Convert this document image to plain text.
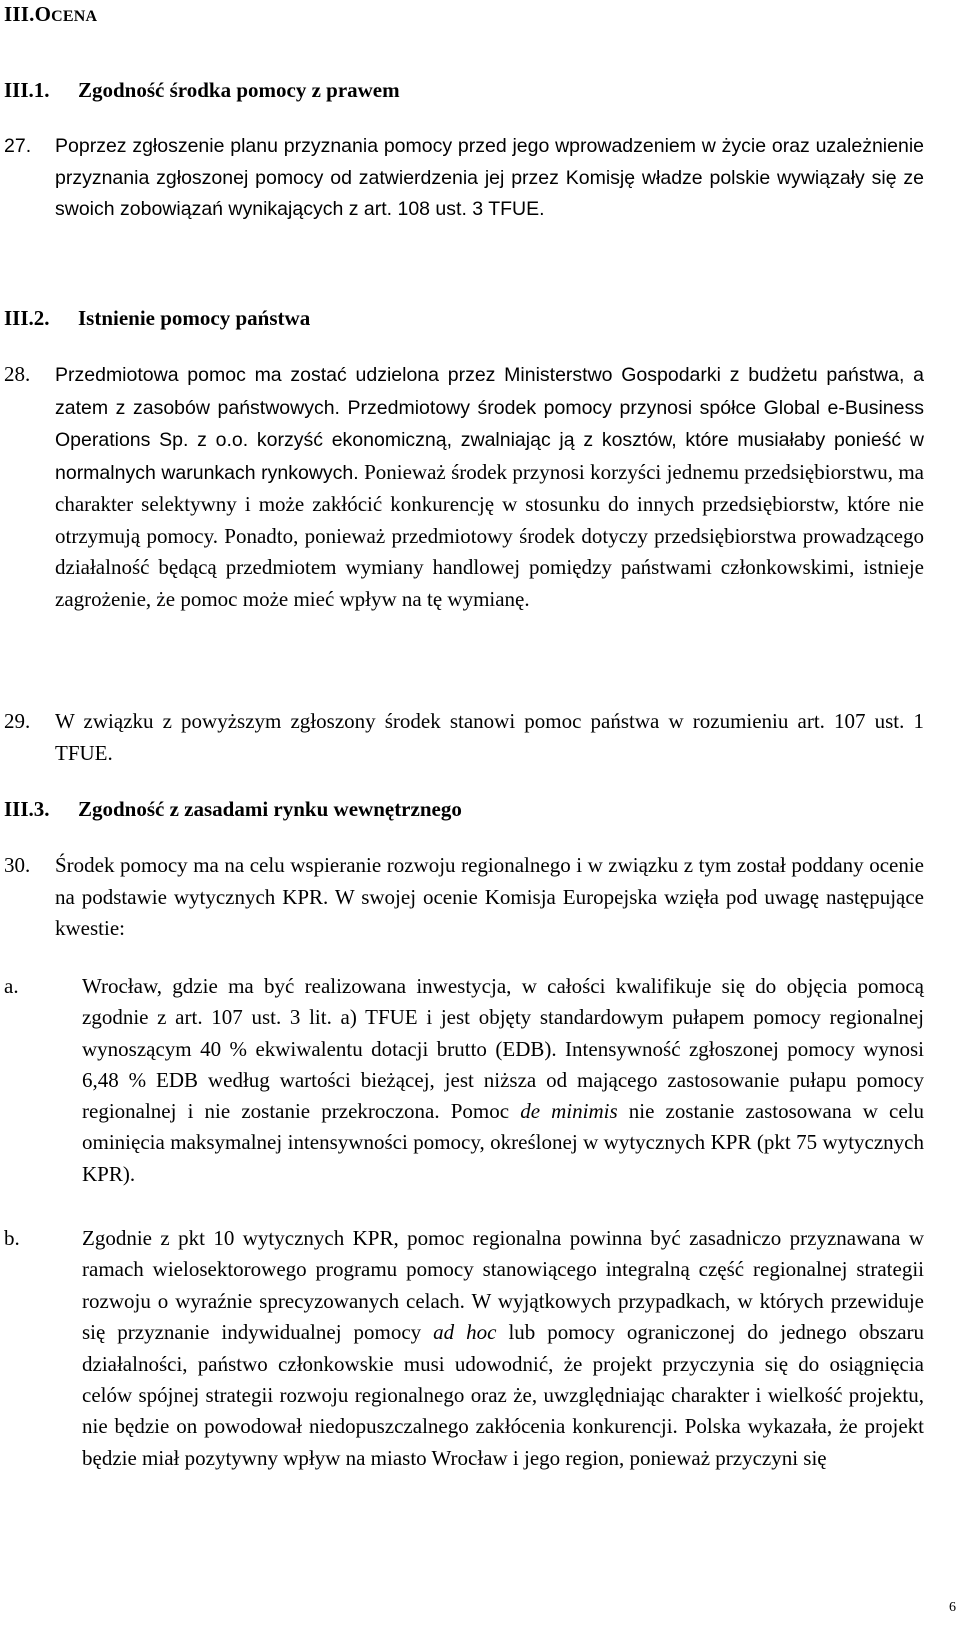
III.OCENA
III.1. Zgodność środka pomocy z prawem
27. Poprzez zgłoszenie planu przyznania pomocy przed jego wprowadzeniem w życie oraz uzależnienie przyznania zgłoszonej pomocy od zatwierdzenia jej przez Komisję władze polskie wywiązały się ze swoich zobowiązań wynikających z art. 108 ust. 3 TFUE.
III.2. Istnienie pomocy państwa
28. Przedmiotowa pomoc ma zostać udzielona przez Ministerstwo Gospodarki z budżetu państwa, a zatem z zasobów państwowych. Przedmiotowy środek pomocy przynosi spółce Global e-Business Operations Sp. z o.o. korzyść ekonomiczną, zwalniając ją z kosztów, które musiałaby ponieść w normalnych warunkach rynkowych. Ponieważ środek przynosi korzyści jednemu przedsiębiorstwu, ma charakter selektywny i może zakłócić konkurencję w stosunku do innych przedsiębiorstw, które nie otrzymują pomocy. Ponadto, ponieważ przedmiotowy środek dotyczy przedsiębiorstwa prowadzącego działalność będącą przedmiotem wymiany handlowej pomiędzy państwami członkowskimi, istnieje zagrożenie, że pomoc może mieć wpływ na tę wymianę.
29. W związku z powyższym zgłoszony środek stanowi pomoc państwa w rozumieniu art. 107 ust. 1 TFUE.
III.3. Zgodność z zasadami rynku wewnętrznego
30. Środek pomocy ma na celu wspieranie rozwoju regionalnego i w związku z tym został poddany ocenie na podstawie wytycznych KPR. W swojej ocenie Komisja Europejska wzięła pod uwagę następujące kwestie:
a.	Wrocław, gdzie ma być realizowana inwestycja, w całości kwalifikuje się do objęcia pomocą zgodnie z art. 107 ust. 3 lit. a) TFUE i jest objęty standardowym pułapem pomocy regionalnej wynoszącym 40 % ekwiwalentu dotacji brutto (EDB). Intensywność zgłoszonej pomocy wynosi 6,48 % EDB według wartości bieżącej, jest niższa od mającego zastosowanie pułapu pomocy regionalnej i nie zostanie przekroczona. Pomoc de minimis nie zostanie zastosowana w celu ominięcia maksymalnej intensywności pomocy, określonej w wytycznych KPR (pkt 75 wytycznych KPR).
b.	Zgodnie z pkt 10 wytycznych KPR, pomoc regionalna powinna być zasadniczo przyznawana w ramach wielosektorowego programu pomocy stanowiącego integralną część regionalnej strategii rozwoju o wyraźnie sprecyzowanych celach. W wyjątkowych przypadkach, w których przewiduje się przyznanie indywidualnej pomocy ad hoc lub pomocy ograniczonej do jednego obszaru działalności, państwo członkowskie musi udowodnić, że projekt przyczynia się do osiągnięcia celów spójnej strategii rozwoju regionalnego oraz że, uwzględniając charakter i wielkość projektu, nie będzie on powodował niedopuszczalnego zakłócenia konkurencji. Polska wykazała, że projekt będzie miał pozytywny wpływ na miasto Wrocław i jego region, ponieważ przyczyni się
6
